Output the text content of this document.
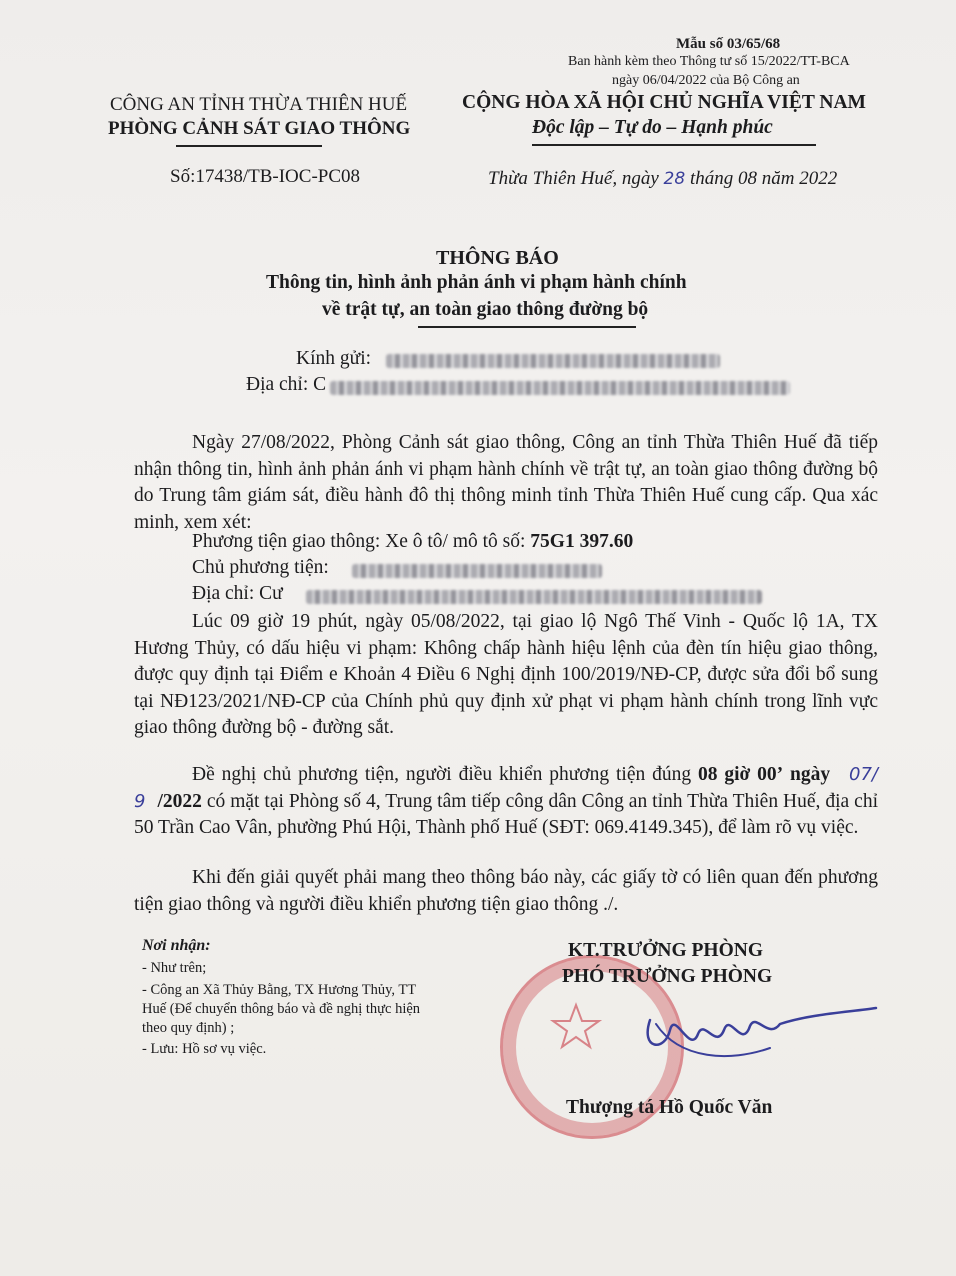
Mẫu số 03/65/68
Ban hành kèm theo Thông tư số 15/2022/TT-BCA
ngày 06/04/2022 của Bộ Công an
CÔNG AN TỈNH THỪA THIÊN HUẾ
PHÒNG CẢNH SÁT GIAO THÔNG
Số:17438/TB-IOC-PC08
CỘNG HÒA XÃ HỘI CHỦ NGHĨA VIỆT NAM
Độc lập – Tự do – Hạnh phúc
Thừa Thiên Huế, ngày 28 tháng 08 năm 2022
THÔNG BÁO
Thông tin, hình ảnh phản ánh vi phạm hành chính
về trật tự, an toàn giao thông đường bộ
Kính gửi:
Địa chỉ: C
Ngày 27/08/2022, Phòng Cảnh sát giao thông, Công an tỉnh Thừa Thiên Huế đã tiếp nhận thông tin, hình ảnh phản ánh vi phạm hành chính về trật tự, an toàn giao thông đường bộ do Trung tâm giám sát, điều hành đô thị thông minh tỉnh Thừa Thiên Huế cung cấp. Qua xác minh, xem xét:
Phương tiện giao thông: Xe ô tô/ mô tô số: 75G1 397.60
Chủ phương tiện:
Địa chỉ: Cư
Lúc 09 giờ 19 phút, ngày 05/08/2022, tại giao lộ Ngô Thế Vinh - Quốc lộ 1A, TX Hương Thủy, có dấu hiệu vi phạm: Không chấp hành hiệu lệnh của đèn tín hiệu giao thông, được quy định tại Điểm e Khoản 4 Điều 6 Nghị định 100/2019/NĐ-CP, được sửa đổi bổ sung tại NĐ123/2021/NĐ-CP của Chính phủ quy định xử phạt vi phạm hành chính trong lĩnh vực giao thông đường bộ - đường sắt.
Đề nghị chủ phương tiện, người điều khiển phương tiện đúng 08 giờ 00’ ngày 07/ 9 /2022 có mặt tại Phòng số 4, Trung tâm tiếp công dân Công an tỉnh Thừa Thiên Huế, địa chỉ 50 Trần Cao Vân, phường Phú Hội, Thành phố Huế (SĐT: 069.4149.345), để làm rõ vụ việc.
Khi đến giải quyết phải mang theo thông báo này, các giấy tờ có liên quan đến phương tiện giao thông và người điều khiển phương tiện giao thông ./.
Nơi nhận:
- Như trên;
- Công an Xã Thủy Bằng, TX Hương Thủy, TT
Huế (Để chuyển thông báo và đề nghị thực hiện
theo quy định) ;
- Lưu: Hồ sơ vụ việc.
KT.TRƯỞNG PHÒNG
PHÓ TRƯỞNG PHÒNG
Thượng tá Hồ Quốc Văn
